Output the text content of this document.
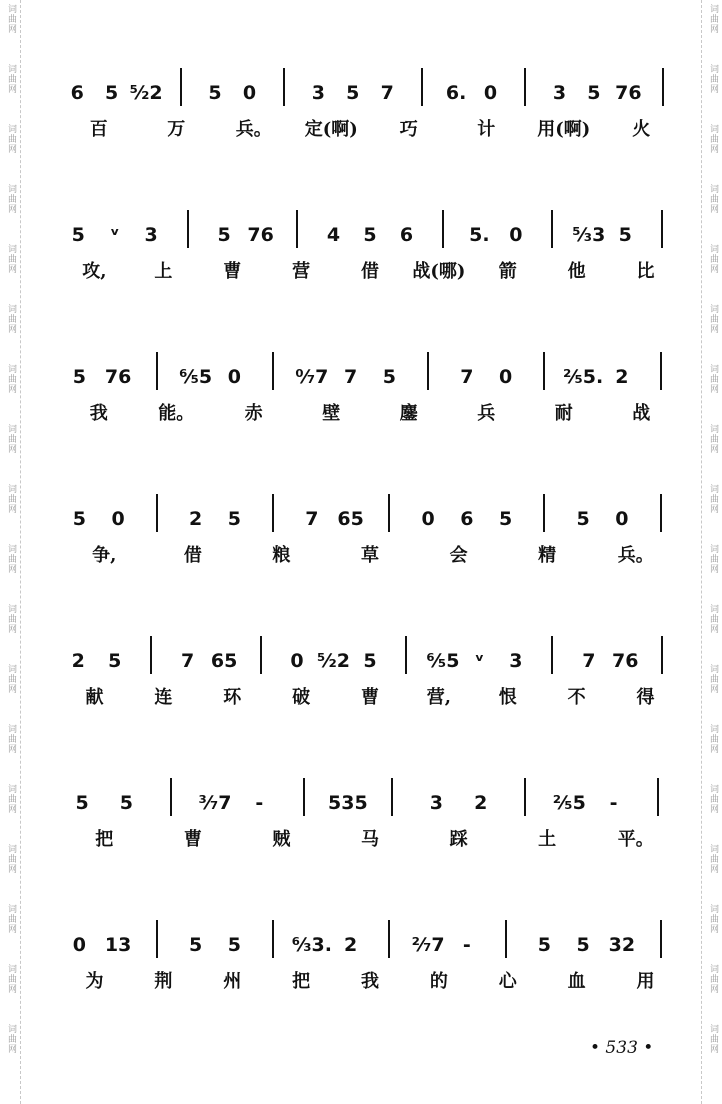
词曲网
词曲网
词曲网
词曲网
词曲网
词曲网
词曲网
词曲网
词曲网
词曲网
词曲网
词曲网
词曲网
词曲网
词曲网
词曲网
词曲网
词曲网
词曲网
词曲网
词曲网
词曲网
词曲网
词曲网
词曲网
词曲网
词曲网
词曲网
词曲网
词曲网
词曲网
词曲网
词曲网
词曲网
词曲网
词曲网
6 5 ⁵⁄₂2 5 0	3 5 7	6. 0	3 5 76
百	万	兵。 定(啊) 巧	计 用(啊) 火
5 ᵛ 3	5 76	4 5 6	5. 0	⁵⁄₃3 5
攻,	上	曹	营	借 战(哪) 箭	他	比
5 76	⁶⁄₅5 0	⁰⁄₇7 7 5	7 0	²⁄₅5. 2
我	能。	赤	壁	鏖	兵	耐	战
5 0	2 5	7 65	0 6 5	5 0
争,	借	粮	草	会	精	兵。
2 5	7 65	0 ⁵⁄₂2 5	⁶⁄₅5 ᵛ 3	7 76
献	连	环	破	曹	营,	恨	不	得
5 5	³⁄₇7 -	535	3 2	²⁄₅5 -
把	曹	贼	马	踩	土	平。
0 13	5 5	⁶⁄₃3. 2	²⁄₇7 -	5 5 32
为	荆	州	把	我	的	心	血	用
• 533 •
